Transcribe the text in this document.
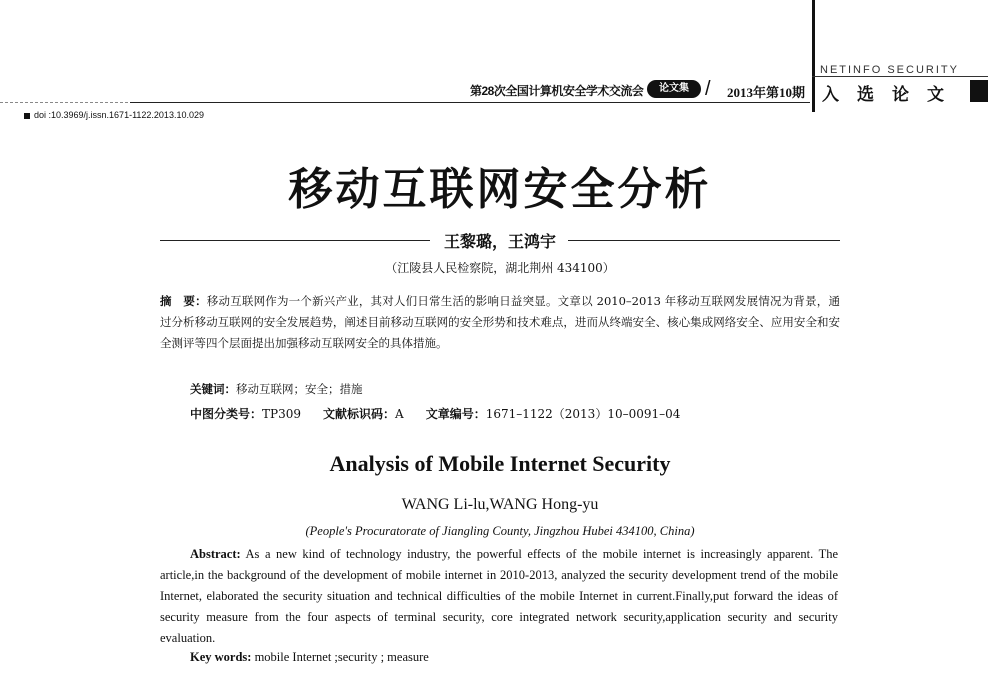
第28次全国计算机安全学术交流会	论文集 / 2013年第10期
NETINFO SECURITY
入选论文
doi :10.3969/j.issn.1671-1122.2013.10.029
移动互联网安全分析
王黎璐，王鸿宇
（江陵县人民检察院，湖北荆州 434100）
摘　要：移动互联网作为一个新兴产业，其对人们日常生活的影响日益突显。文章以 2010–2013 年移动互联网发展情况为背景，通过分析移动互联网的安全发展趋势，阐述目前移动互联网的安全形势和技术难点，进而从终端安全、核心集成网络安全、应用安全和安全测评等四个层面提出加强移动互联网安全的具体措施。
关键词：移动互联网；安全；措施
中图分类号：TP309 文献标识码：A 文章编号：1671–1122（2013）10–0091–04
Analysis of Mobile Internet Security
WANG Li-lu,WANG Hong-yu
(People's Procuratorate of Jiangling County, Jingzhou Hubei 434100, China)
Abstract: As a new kind of technology industry, the powerful effects of the mobile internet is increasingly apparent. The article,in the background of the development of mobile internet in 2010-2013, analyzed the security development trend of the mobile Internet, elaborated the security situation and technical difficulties of the mobile Internet in current.Finally,put forward the ideas of security measure from the four aspects of terminal security, core integrated network security,application security and security evaluation.
Key words: mobile Internet ;security ; measure
